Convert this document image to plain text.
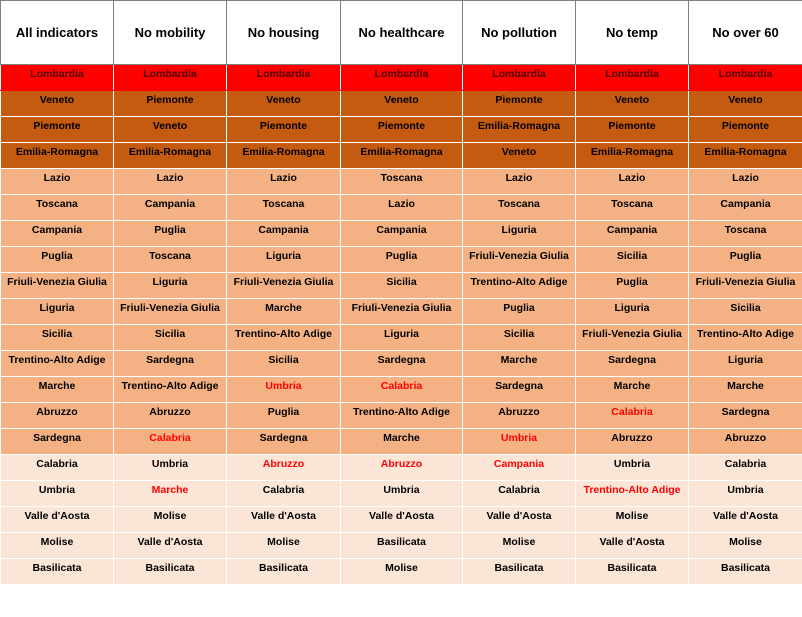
All indicators	No mobility	No housing	No healthcare	No pollution	No temp	No over 60
Lombardia	Lombardia	Lombardia	Lombardia	Lombardia	Lombardia	Lombardia
Veneto	Piemonte	Veneto	Veneto	Piemonte	Veneto	Veneto
Piemonte	Veneto	Piemonte	Piemonte	Emilia-Romagna	Piemonte	Piemonte
Emilia-Romagna	Emilia-Romagna	Emilia-Romagna	Emilia-Romagna	Veneto	Emilia-Romagna	Emilia-Romagna
Lazio	Lazio	Lazio	Toscana	Lazio	Lazio	Lazio
Toscana	Campania	Toscana	Lazio	Toscana	Toscana	Campania
Campania	Puglia	Campania	Campania	Liguria	Campania	Toscana
Puglia	Toscana	Liguria	Puglia	Friuli-Venezia Giulia	Sicilia	Puglia
Friuli-Venezia Giulia	Liguria	Friuli-Venezia Giulia	Sicilia	Trentino-Alto Adige	Puglia	Friuli-Venezia Giulia
Liguria	Friuli-Venezia Giulia	Marche	Friuli-Venezia Giulia	Puglia	Liguria	Sicilia
Sicilia	Sicilia	Trentino-Alto Adige	Liguria	Sicilia	Friuli-Venezia Giulia	Trentino-Alto Adige
Trentino-Alto Adige	Sardegna	Sicilia	Sardegna	Marche	Sardegna	Liguria
Marche	Trentino-Alto Adige	Umbria	Calabria	Sardegna	Marche	Marche
Abruzzo	Abruzzo	Puglia	Trentino-Alto Adige	Abruzzo	Calabria	Sardegna
Sardegna	Calabria	Sardegna	Marche	Umbria	Abruzzo	Abruzzo
Calabria	Umbria	Abruzzo	Abruzzo	Campania	Umbria	Calabria
Umbria	Marche	Calabria	Umbria	Calabria	Trentino-Alto Adige	Umbria
Valle d'Aosta	Molise	Valle d'Aosta	Valle d'Aosta	Valle d'Aosta	Molise	Valle d'Aosta
Molise	Valle d'Aosta	Molise	Basilicata	Molise	Valle d'Aosta	Molise
Basilicata	Basilicata	Basilicata	Molise	Basilicata	Basilicata	Basilicata
